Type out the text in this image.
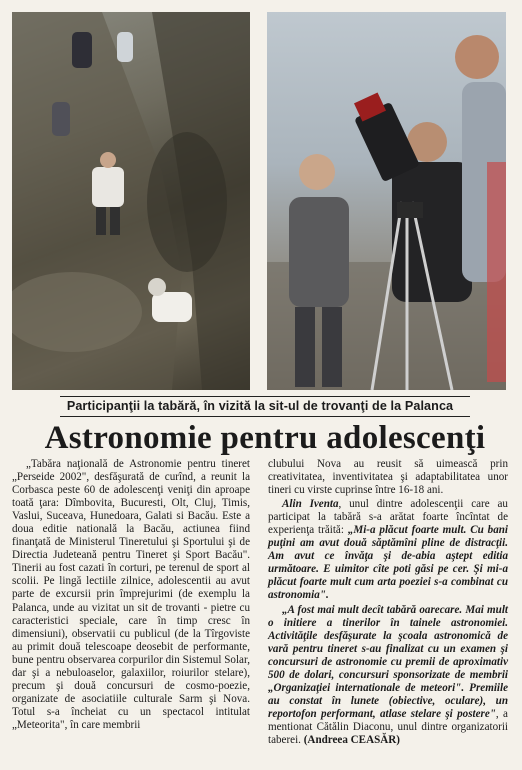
Participanţii la tabără, în vizită la sit-ul de trovanţi de la Palanca
Astronomie pentru adolescenţi

„Tabăra naţională de Astronomie pentru tineret „Perseide 2002", desfăşurată de curînd, a reunit la Corbasca peste 60 de adolescenţi veniţi din aproape toată ţara: Dîmbovita, Bucuresti, Olt, Cluj, Timis, Vaslui, Suceava, Hunedoara, Galati si Bacău. Este a doua editie natională la Bacău, actiunea fiind finanţată de Ministerul Tineretului şi Sportului şi de Directia Judeteană pentru Tineret şi Sport Bacău". Tinerii au fost cazati în corturi, pe terenul de sport al scolii. Pe lingă lectiile zilnice, adolescentii au avut parte de excursii prin împrejurimi (de exemplu la Palanca, unde au vizitat un sit de trovanti - pietre cu caracteristici speciale, care în timp cresc în dimensiuni), observatii cu publicul (de la Tîrgoviste au primit două telescoape deosebit de performante, bune pentru observarea corpurilor din Sistemul Solar, dar şi a nebuloaselor, galaxiilor, roiurilor stelare), precum şi două concursuri de cosmo-poezie, organizate de asociatiile culturale Sarm şi Nova. Totul s-a încheiat cu un spectacol intitulat „Meteorita", în care membrii

clubului Nova au reusit să uimească prin creativitatea, inventivitatea şi adaptabilitatea unor tineri cu virste cuprinse între 16-18 ani.

Alin Iventa, unul dintre adolescenţii care au participat la tabără s-a arătat foarte încîntat de experienţa trăită: „Mi-a plăcut foarte mult. Cu bani puţini am avut două săptămîni pline de distracţii. Am avut ce învăţa şi de-abia aştept editia următoare. E uimitor cîte poti găsi pe cer. Şi mi-a plăcut foarte mult cum arta poeziei s-a combinat cu astronomia".

„A fost mai mult decît tabără oarecare. Mai mult o initiere a tinerilor în tainele astronomiei. Activităţile desfăşurate la şcoala astronomică de vară pentru tineret s-au finalizat cu un examen şi concursuri de astronomie cu premii de aproximativ 500 de dolari, concursuri sponsorizate de membrii „Organizaţiei internationale de meteori". Premiile au constat în lunete (obiective, oculare), un reportofon performant, atlase stelare şi postere", a mentionat Cătălin Diaconu, unul dintre organizatorii taberei. (Andreea CEASĂR)
